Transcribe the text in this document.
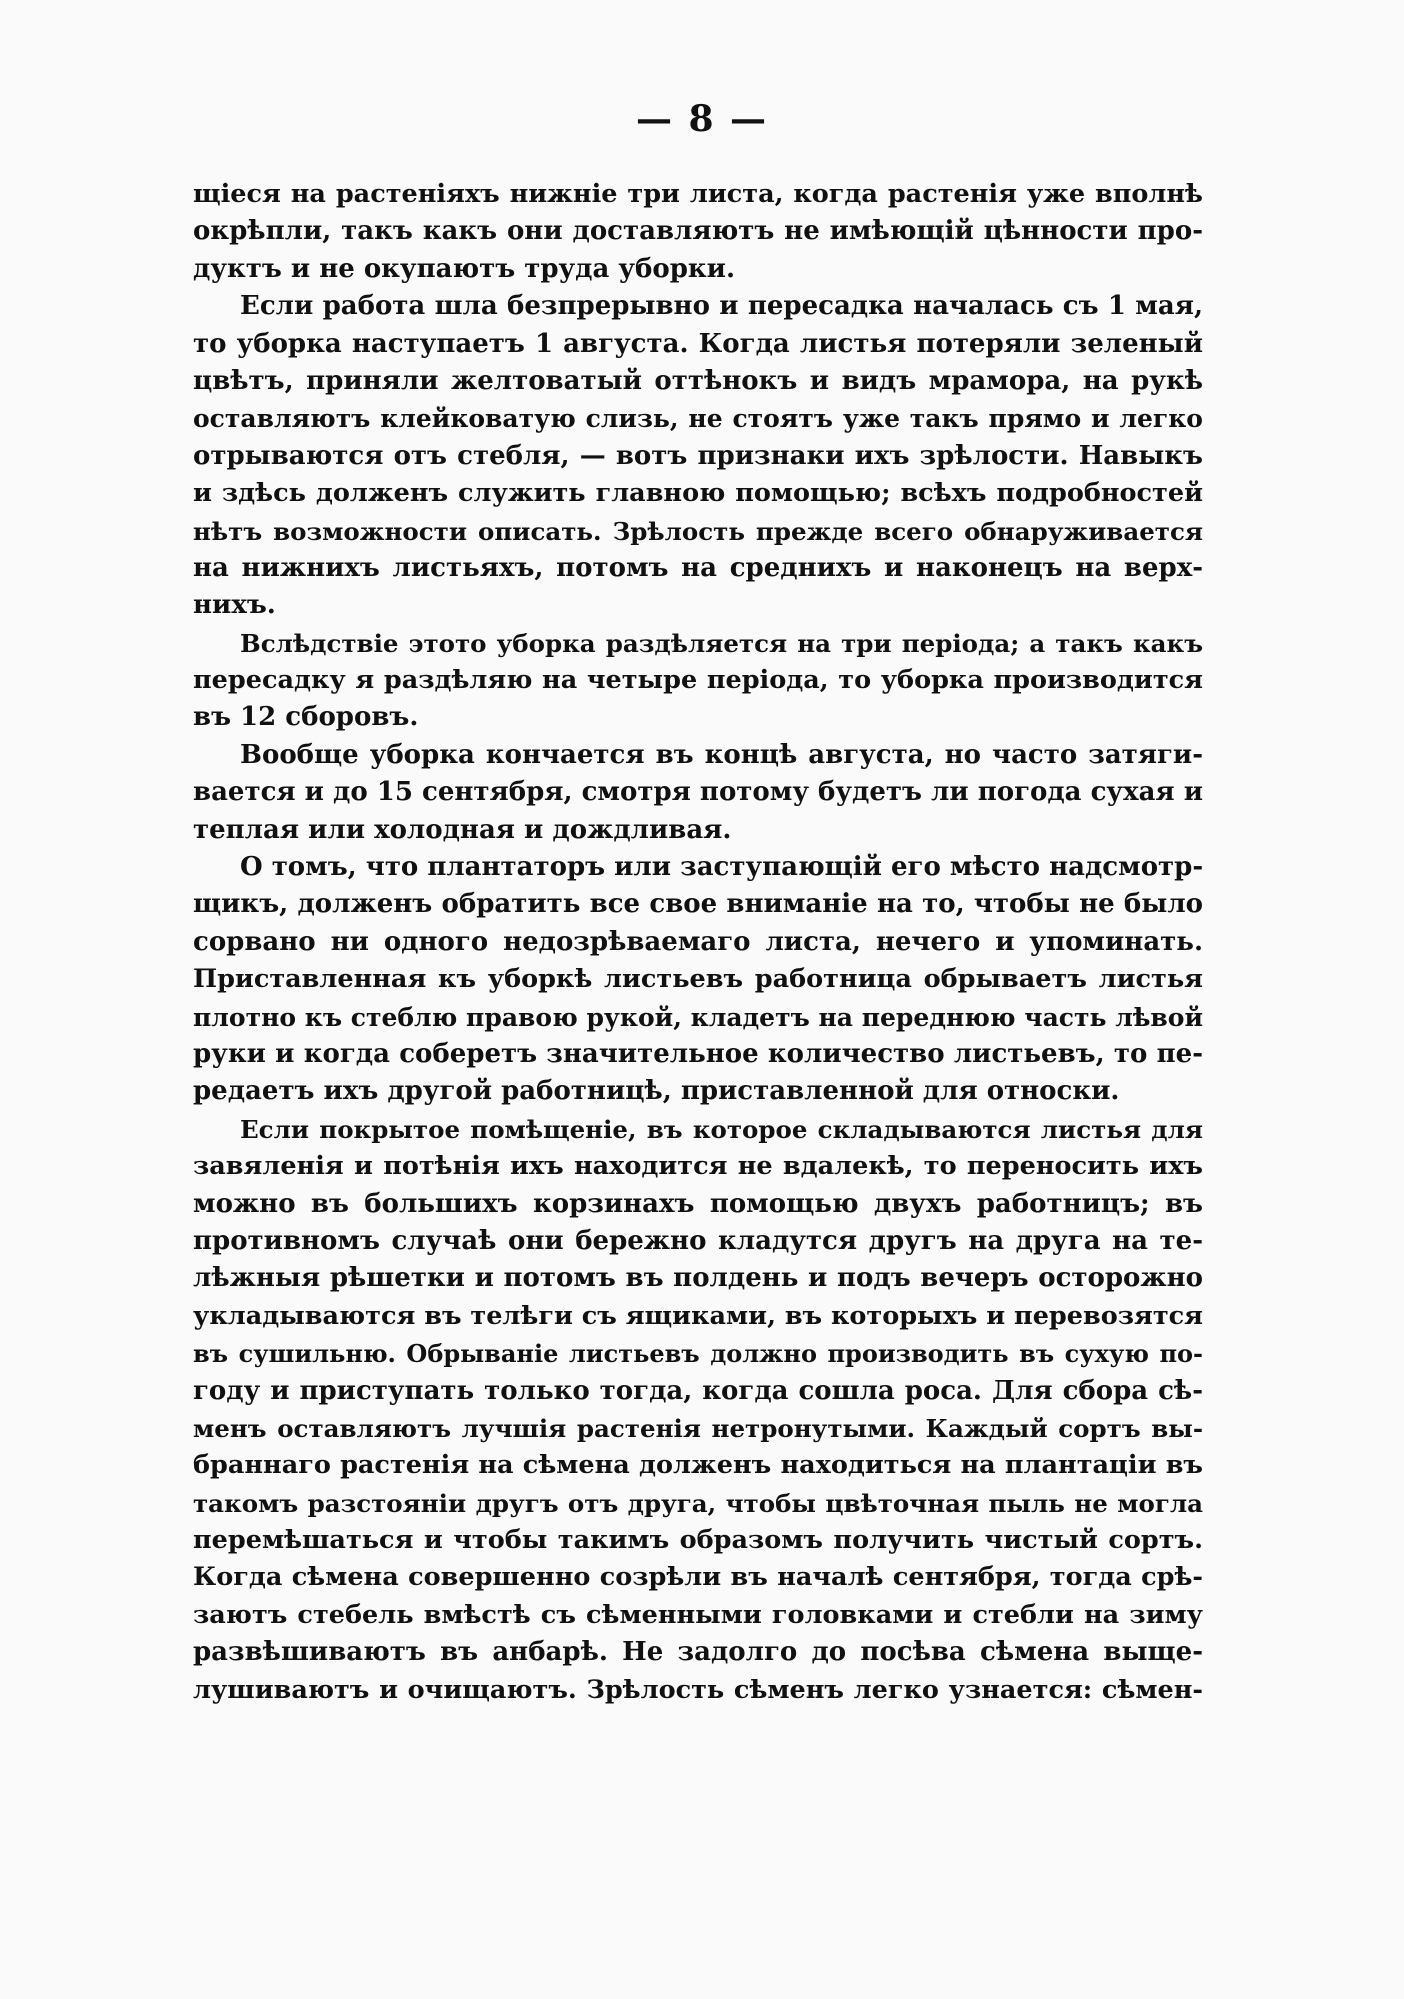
— 8 —
щіеся на растеніяхъ нижніе три листа, когда растенія уже вполнѣ
окрѣпли, такъ какъ они доставляютъ не имѣющій цѣнности про-
дуктъ и не окупаютъ труда уборки.
Если работа шла безпрерывно и пересадка началась съ 1 мая,
то уборка наступаетъ 1 августа. Когда листья потеряли зеленый
цвѣтъ, приняли желтоватый оттѣнокъ и видъ мрамора, на рукѣ
оставляютъ клейковатую слизь, не стоятъ уже такъ прямо и легко
отрываются отъ стебля, — вотъ признаки ихъ зрѣлости. Навыкъ
и здѣсь долженъ служить главною помощью; всѣхъ подробностей
нѣтъ возможности описать. Зрѣлость прежде всего обнаруживается
на нижнихъ листьяхъ, потомъ на среднихъ и наконецъ на верх-
нихъ.
Вслѣдствіе этото уборка раздѣляется на три періода; а такъ какъ
пересадку я раздѣляю на четыре періода, то уборка производится
въ 12 сборовъ.
Вообще уборка кончается въ концѣ августа, но часто затяги-
вается и до 15 сентября, смотря потому будетъ ли погода сухая и
теплая или холодная и дождливая.
О томъ, что плантаторъ или заступающій его мѣсто надсмотр-
щикъ, долженъ обратить все свое вниманіе на то, чтобы не было
сорвано ни одного недозрѣваемаго листа, нечего и упоминать.
Приставленная къ уборкѣ листьевъ работница обрываетъ листья
плотно къ стеблю правою рукой, кладетъ на переднюю часть лѣвой
руки и когда соберетъ значительное количество листьевъ, то пе-
редаетъ ихъ другой работницѣ, приставленной для относки.
Если покрытое помѣщеніе, въ которое складываются листья для
завяленія и потѣнія ихъ находится не вдалекѣ, то переносить ихъ
можно въ большихъ корзинахъ помощью двухъ работницъ; въ
противномъ случаѣ они бережно кладутся другъ на друга на те-
лѣжныя рѣшетки и потомъ въ полдень и подъ вечеръ осторожно
укладываются въ телѣги съ ящиками, въ которыхъ и перевозятся
въ сушильню. Обрываніе листьевъ должно производить въ сухую по-
году и приступать только тогда, когда сошла роса. Для сбора сѣ-
менъ оставляютъ лучшія растенія нетронутыми. Каждый сортъ вы-
браннаго растенія на сѣмена долженъ находиться на плантаціи въ
такомъ разстояніи другъ отъ друга, чтобы цвѣточная пыль не могла
перемѣшаться и чтобы такимъ образомъ получить чистый сортъ.
Когда сѣмена совершенно созрѣли въ началѣ сентября, тогда срѣ-
заютъ стебель вмѣстѣ съ сѣменными головками и стебли на зиму
развѣшиваютъ въ анбарѣ. Не задолго до посѣва сѣмена выще-
лушиваютъ и очищаютъ. Зрѣлость сѣменъ легко узнается: сѣмен-
